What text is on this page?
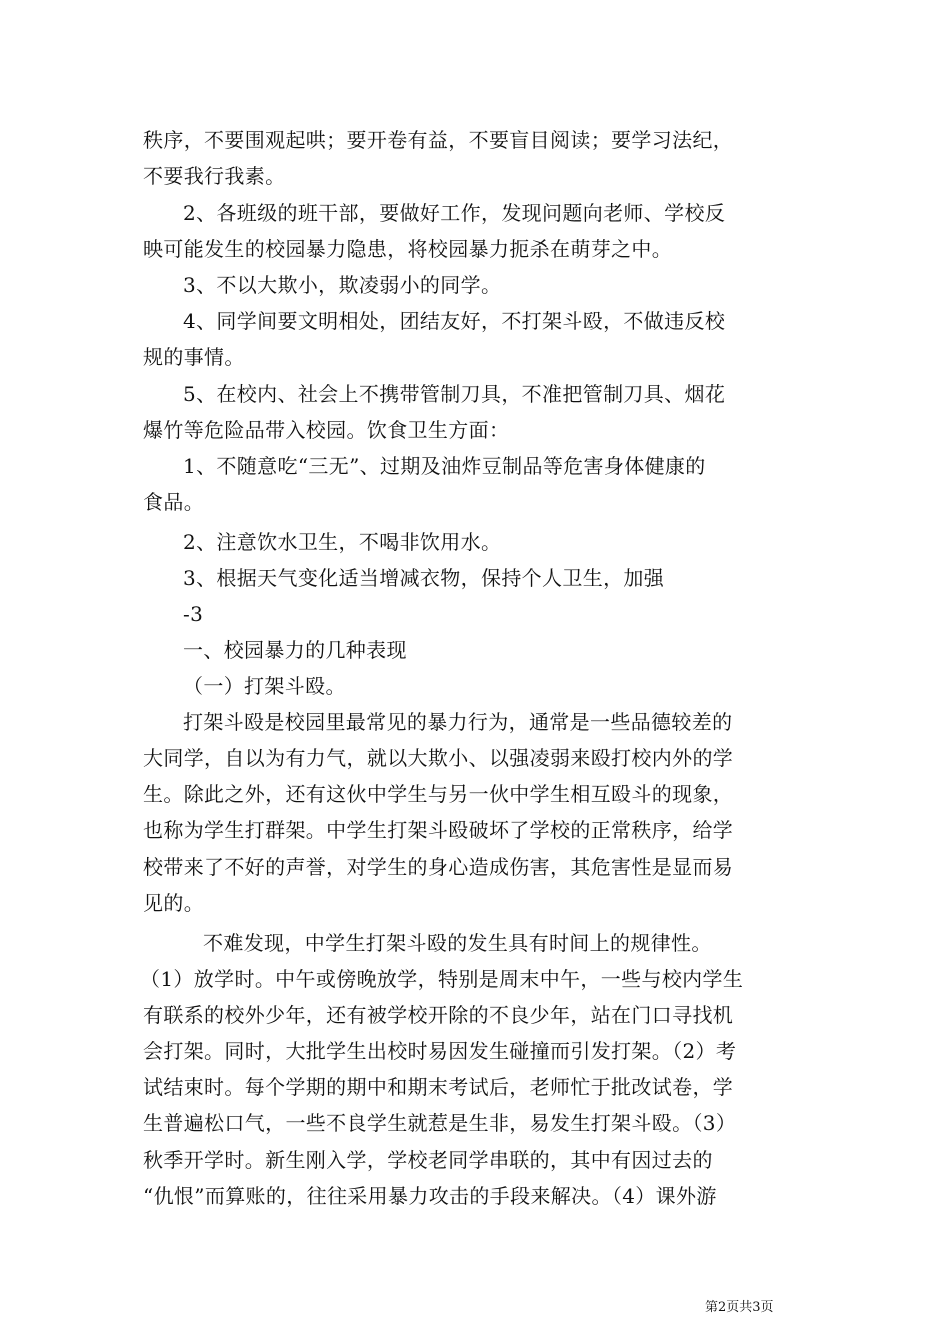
秩序，不要围观起哄；要开卷有益，不要盲目阅读；要学习法纪，
不要我行我素。
2、各班级的班干部，要做好工作，发现问题向老师、学校反
映可能发生的校园暴力隐患，将校园暴力扼杀在萌芽之中。
3、不以大欺小，欺凌弱小的同学。
4、同学间要文明相处，团结友好，不打架斗殴，不做违反校
规的事情。
5、在校内、社会上不携带管制刀具，不准把管制刀具、烟花
爆竹等危险品带入校园。饮食卫生方面：
1、不随意吃“三无”、过期及油炸豆制品等危害身体健康的
食品。
2、注意饮水卫生，不喝非饮用水。
3、根据天气变化适当增减衣物，保持个人卫生，加强
-3
一、校园暴力的几种表现
（一）打架斗殴。
打架斗殴是校园里最常见的暴力行为，通常是一些品德较差的
大同学，自以为有力气，就以大欺小、以强凌弱来殴打校内外的学
生。除此之外，还有这伙中学生与另一伙中学生相互殴斗的现象，
也称为学生打群架。中学生打架斗殴破坏了学校的正常秩序，给学
校带来了不好的声誉，对学生的身心造成伤害，其危害性是显而易
见的。
不难发现，中学生打架斗殴的发生具有时间上的规律性。
（1）放学时。中午或傍晚放学，特别是周末中午，一些与校内学生
有联系的校外少年，还有被学校开除的不良少年，站在门口寻找机
会打架。同时，大批学生出校时易因发生碰撞而引发打架。（2）考
试结束时。每个学期的期中和期末考试后，老师忙于批改试卷，学
生普遍松口气，一些不良学生就惹是生非，易发生打架斗殴。（3）
秋季开学时。新生刚入学，学校老同学串联的，其中有因过去的
“仇恨”而算账的，往往采用暴力攻击的手段来解决。（4）课外游
第2页共3页
